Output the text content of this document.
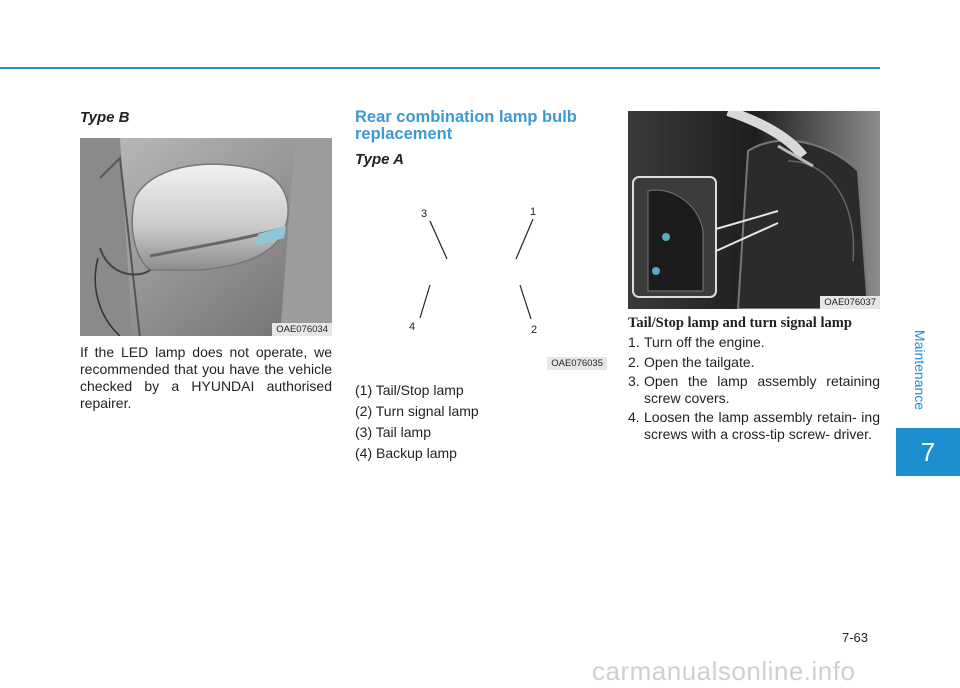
Maintenance
7
Type B
OAE076034
If the LED lamp does not operate, we recommended that you have the vehicle checked by a HYUNDAI authorised repairer.
Rear combination lamp bulb replacement
Type A
3	1
4	2
OAE076035
(1) Tail/Stop lamp
(2) Turn signal lamp
(3) Tail lamp
(4) Backup lamp
OAE076037
Tail/Stop lamp and turn signal lamp
1. Turn off the engine.
2. Open the tailgate.
3. Open the lamp assembly retaining screw covers.
4. Loosen the lamp assembly retain- ing screws with a cross-tip screw- driver.
7-63
carmanualsonline.info
